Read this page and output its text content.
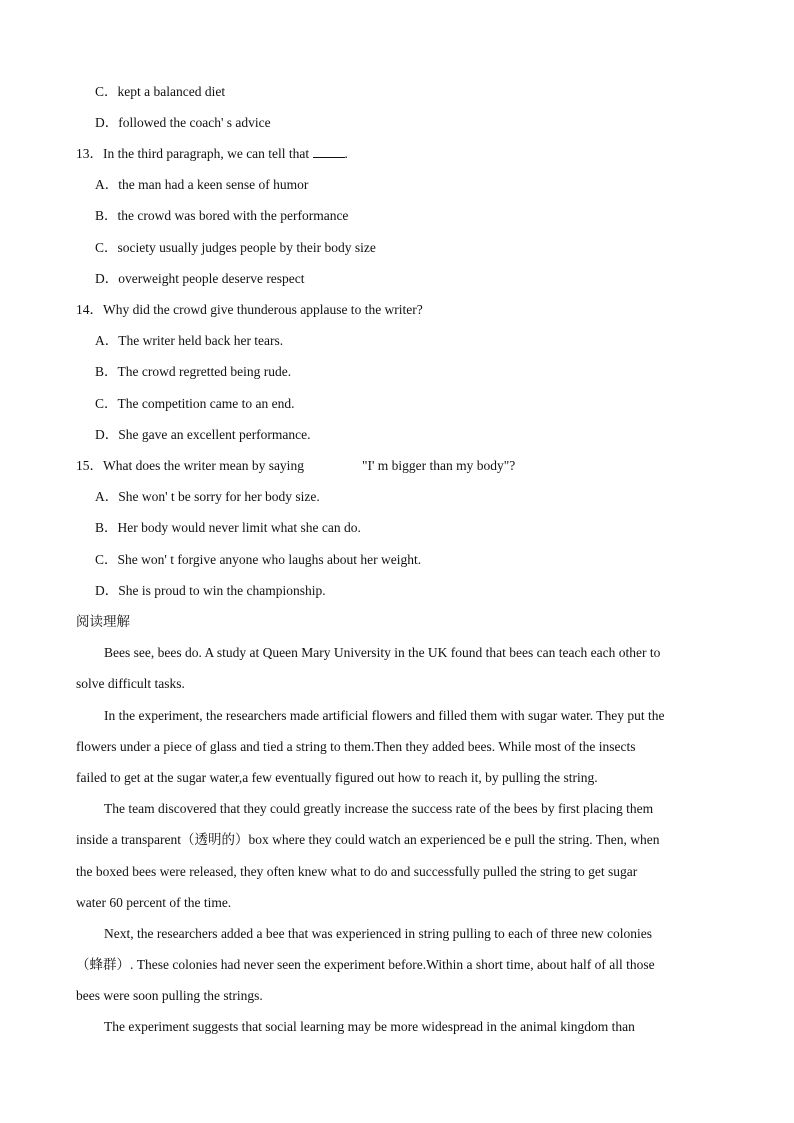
C．kept a balanced diet
D．followed the coach' s advice
13．In the third paragraph, we can tell that .
A．the man had a keen sense of humor
B．the crowd was bored with the performance
C．society usually judges people by their body size
D．overweight people deserve respect
14．Why did the crowd give thunderous applause to the writer?
A．The writer held back her tears.
B．The crowd regretted being rude.
C．The competition came to an end.
D．She gave an excellent performance.
15．What does the writer mean by saying	"I' m bigger than my body"?
A．She won' t be sorry for her body size.
B．Her body would never limit what she can do.
C．She won' t forgive anyone who laughs about her weight.
D．She is proud to win the championship.
阅读理解
Bees see, bees do. A study at Queen Mary University in the UK found that bees can teach each other to
solve difficult tasks.
In the experiment, the researchers made artificial flowers and filled them with sugar water. They put the
flowers under a piece of glass and tied a string to them.Then they added bees. While most of the insects
failed to get at the sugar water,a few eventually figured out how to reach it, by pulling the string.
The team discovered that they could greatly increase the success rate of the bees by first placing them
inside a transparent（透明的）box where they could watch an experienced be e pull the string. Then, when
the boxed bees were released, they often knew what to do and successfully pulled the string to get sugar
water 60 percent of the time.
Next, the researchers added a bee that was experienced in string pulling to each of three new colonies
（蜂群）. These colonies had never seen the experiment before.Within a short time, about half of all those
bees were soon pulling the strings.
The experiment suggests that social learning may be more widespread in the animal kingdom than
